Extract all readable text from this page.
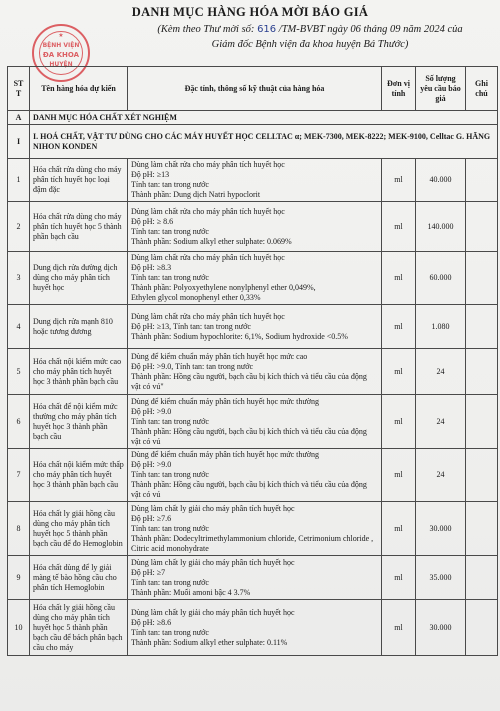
DANH MỤC HÀNG HÓA MỜI BÁO GIÁ
(Kèm theo Thư mời số: 616 /TM-BVBT ngày 06 tháng 09 năm 2024 của
Giám đốc Bệnh viện đa khoa huyện Bá Thước)
★
BỆNH VIỆN
ĐA KHOA
HUYỆN
ST T	Tên hàng hóa dự kiến	Đặc tính, thông số kỹ thuật của hàng hóa	Đơn vị tính	Số lượng yêu cầu báo giá	Ghi chú
A	DANH MỤC HÓA CHẤT XÉT NGHIỆM				
I	I. HOÁ CHẤT, VẬT TƯ DÙNG CHO CÁC MÁY HUYẾT HỌC CELLTAC α; MEK-7300, MEK-8222; MEK-9100, Celltac G. HÃNG NIHON KONDEN				
1	Hóa chất rửa dùng cho máy phân tích huyết học loại đậm đặc	Dùng làm chất rửa cho máy phân tích huyết học
Độ pH: ≥13
Tính tan: tan trong nước
Thành phần: Dung dịch Natri hypoclorit	ml	40.000	
2	Hóa chất rửa dùng cho máy phân tích huyết học 5 thành phần bạch cầu	Dùng làm chất rửa cho máy phân tích huyết học
Độ pH: ≥ 8.6
Tính tan: tan trong nước
Thành phần: Sodium alkyl ether sulphate: 0.069%	ml	140.000	
3	Dung dịch rửa đường dịch dùng cho máy phân tích huyết học	Dùng làm chất rửa cho máy phân tích huyết học
Độ pH: ≥8.3
Tính tan: tan trong nước
Thành phần: Polyoxyethylene nonylphenyl ether 0,049%,
Ethylen glycol monophenyl ether 0,33%	ml	60.000	
4	Dung dịch rửa mạnh 810 hoặc tương đương	Dùng làm chất rửa cho máy phân tích huyết học
Độ pH: ≥13, Tính tan: tan trong nước
Thành phần: Sodium hypochlorite: 6,1%, Sodium hydroxide <0.5%	ml	1.080	
5	Hóa chất nội kiểm mức cao cho máy phân tích huyết học 3 thành phần bạch cầu	Dùng để kiểm chuẩn máy phân tích huyết học mức cao
Độ pH: >9.0, Tính tan: tan trong nước
Thành phần: Hồng cầu người, bạch cầu bị kích thích và tiểu cầu của động vật có vú"	ml	24	
6	Hóa chất để nội kiểm mức thường cho máy phân tích huyết học 3 thành phần bạch cầu	Dùng để kiểm chuẩn máy phân tích huyết học mức thường
Độ pH: >9.0
Tính tan: tan trong nước
Thành phần: Hồng cầu người, bạch cầu bị kích thích và tiểu cầu của động vật có vú	ml	24	
7	Hóa chất nội kiểm mức thấp cho máy phân tích huyết học 3 thành phần bạch cầu	Dùng để kiểm chuẩn máy phân tích huyết học mức thường
Độ pH: >9.0
Tính tan: tan trong nước
Thành phần: Hồng cầu người, bạch cầu bị kích thích và tiểu cầu của động vật có vú	ml	24	
8	Hóa chất ly giải hồng cầu dùng cho máy phân tích huyết học 5 thành phần bạch cầu để đo Hemoglobin	Dùng làm chất ly giải cho máy phân tích huyết học
Độ pH: ≥7.6
Tính tan: tan trong nước
Thành phần: Dodecyltrimethylammonium chloride, Cetrimonium chloride , Citric acid monohydrate	ml	30.000	
9	Hóa chất dùng để ly giải màng tế bào hồng cầu cho phân tích Hemoglobin	Dùng làm chất ly giải cho máy phân tích huyết học
Độ pH: ≥7
Tính tan: tan trong nước
Thành phần: Muối amoni bậc 4 3.7%	ml	35.000	
10	Hóa chất ly giải hồng cầu dùng cho máy phân tích huyết học 5 thành phần bạch cầu để bách phân bạch cầu cho máy	Dùng làm chất ly giải cho máy phân tích huyết học
Độ pH: ≥8.6
Tính tan: tan trong nước
Thành phần: Sodium alkyl ether sulphate: 0.11%	ml	30.000	
